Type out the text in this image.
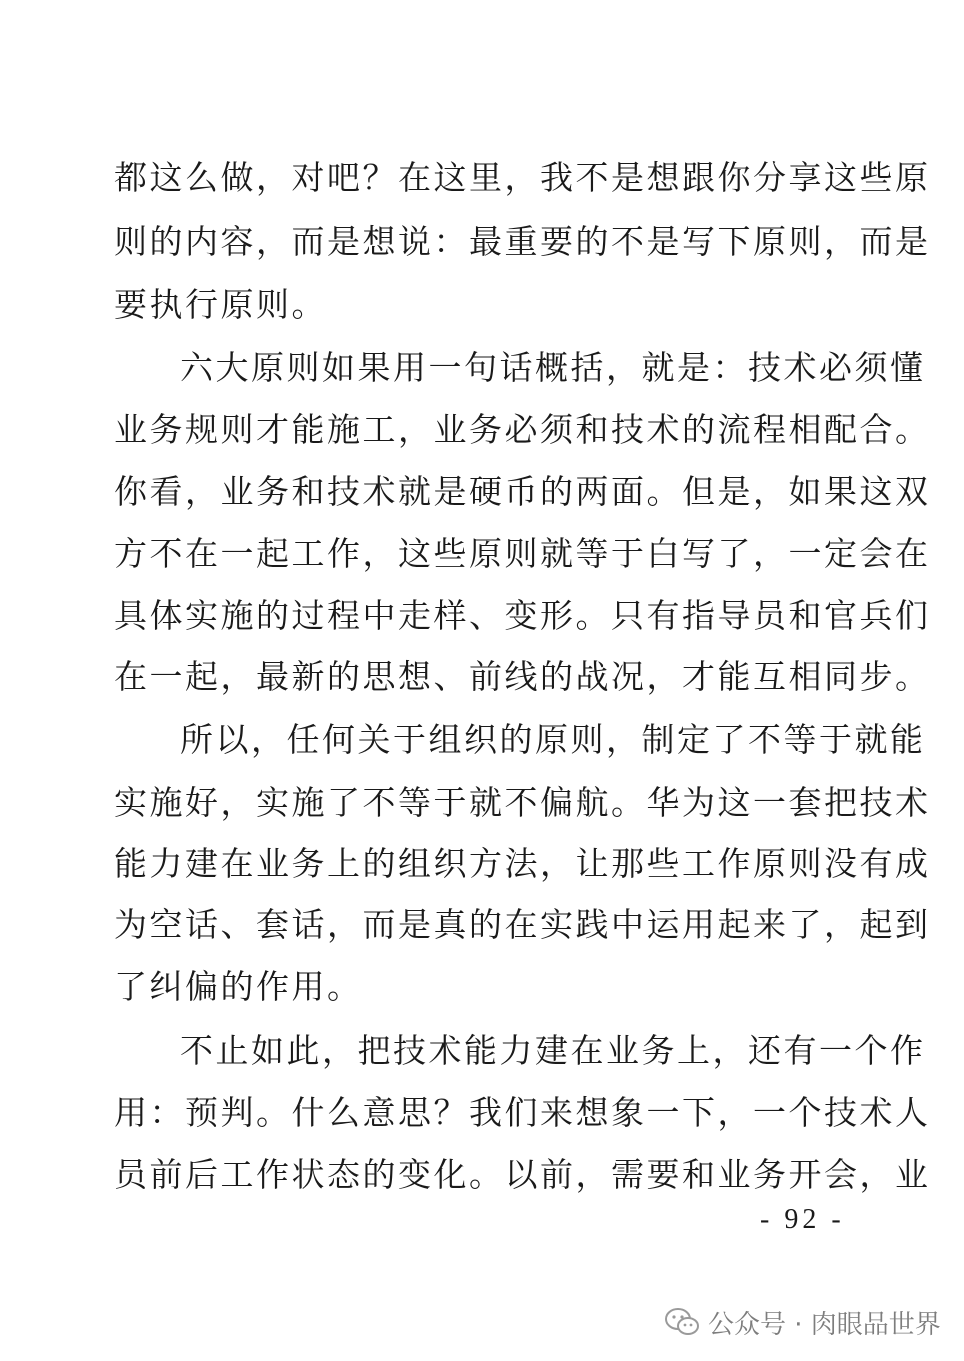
都这么做，对吧？在这里，我不是想跟你分享这些原
则的内容，而是想说：最重要的不是写下原则，而是
要执行原则。
六大原则如果用一句话概括，就是：技术必须懂
业务规则才能施工，业务必须和技术的流程相配合。
你看，业务和技术就是硬币的两面。但是，如果这双
方不在一起工作，这些原则就等于白写了，一定会在
具体实施的过程中走样、变形。只有指导员和官兵们
在一起，最新的思想、前线的战况，才能互相同步。
所以，任何关于组织的原则，制定了不等于就能
实施好，实施了不等于就不偏航。华为这一套把技术
能力建在业务上的组织方法，让那些工作原则没有成
为空话、套话，而是真的在实践中运用起来了，起到
了纠偏的作用。
不止如此，把技术能力建在业务上，还有一个作
用：预判。什么意思？我们来想象一下，一个技术人
员前后工作状态的变化。以前，需要和业务开会，业
- 92 -
公众号 · 肉眼品世界
